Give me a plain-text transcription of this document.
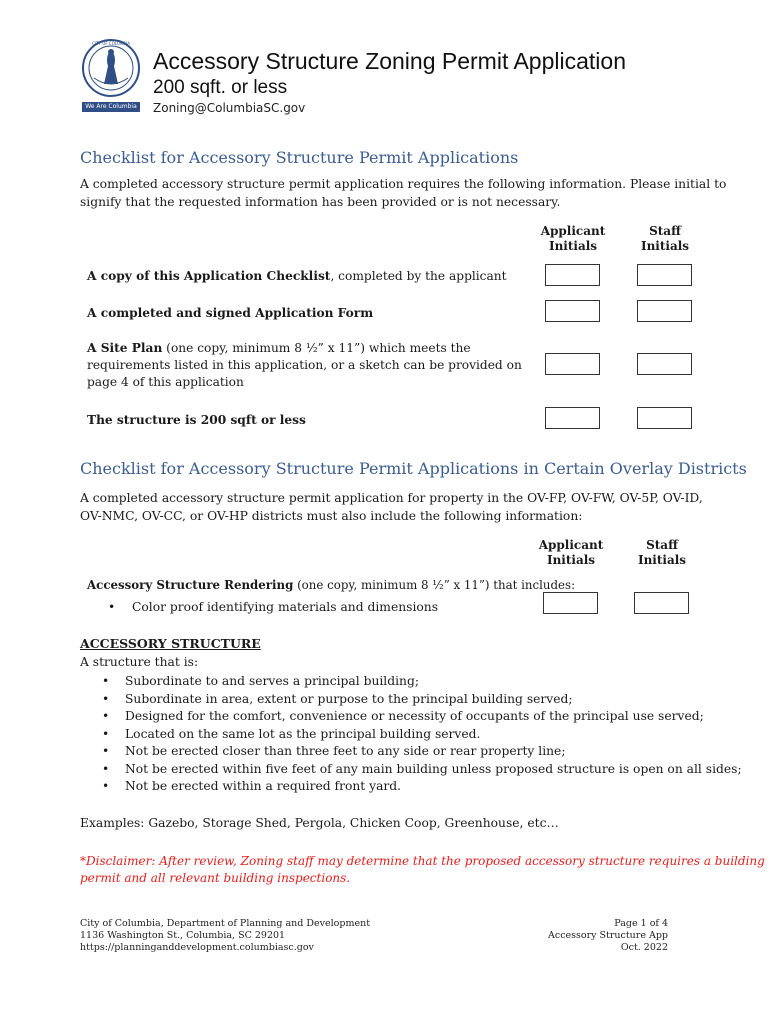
We Are Columbia
CITY OF COLUMBIA
Accessory Structure Zoning Permit Application
200 sqft. or less
Zoning@ColumbiaSC.gov
Checklist for Accessory Structure Permit Applications
A completed accessory structure permit application requires the following information. Please initial to
signify that the requested information has been provided or is not necessary.
Applicant
Initials
Staff
Initials
A copy of this Application Checklist, completed by the applicant
A completed and signed Application Form
A Site Plan (one copy, minimum 8 ½” x 11”) which meets the
requirements listed in this application, or a sketch can be provided on
page 4 of this application
The structure is 200 sqft or less
Checklist for Accessory Structure Permit Applications in Certain Overlay Districts
A completed accessory structure permit application for property in the OV-FP, OV-FW, OV-5P, OV-ID,
OV-NMC, OV-CC, or OV-HP districts must also include the following information:
Applicant
Initials
Staff
Initials
Accessory Structure Rendering (one copy, minimum 8 ½” x 11”) that includes:
• Color proof identifying materials and dimensions
ACCESSORY STRUCTURE
A structure that is:
• Subordinate to and serves a principal building;
• Subordinate in area, extent or purpose to the principal building served;
• Designed for the comfort, convenience or necessity of occupants of the principal use served;
• Located on the same lot as the principal building served.
• Not be erected closer than three feet to any side or rear property line;
• Not be erected within five feet of any main building unless proposed structure is open on all sides;
• Not be erected within a required front yard.
Examples: Gazebo, Storage Shed, Pergola, Chicken Coop, Greenhouse, etc…
*Disclaimer: After review, Zoning staff may determine that the proposed accessory structure requires a building
permit and all relevant building inspections.
City of Columbia, Department of Planning and Development
1136 Washington St., Columbia, SC 29201
https://planninganddevelopment.columbiasc.gov
Page 1 of 4
Accessory Structure App
Oct. 2022
